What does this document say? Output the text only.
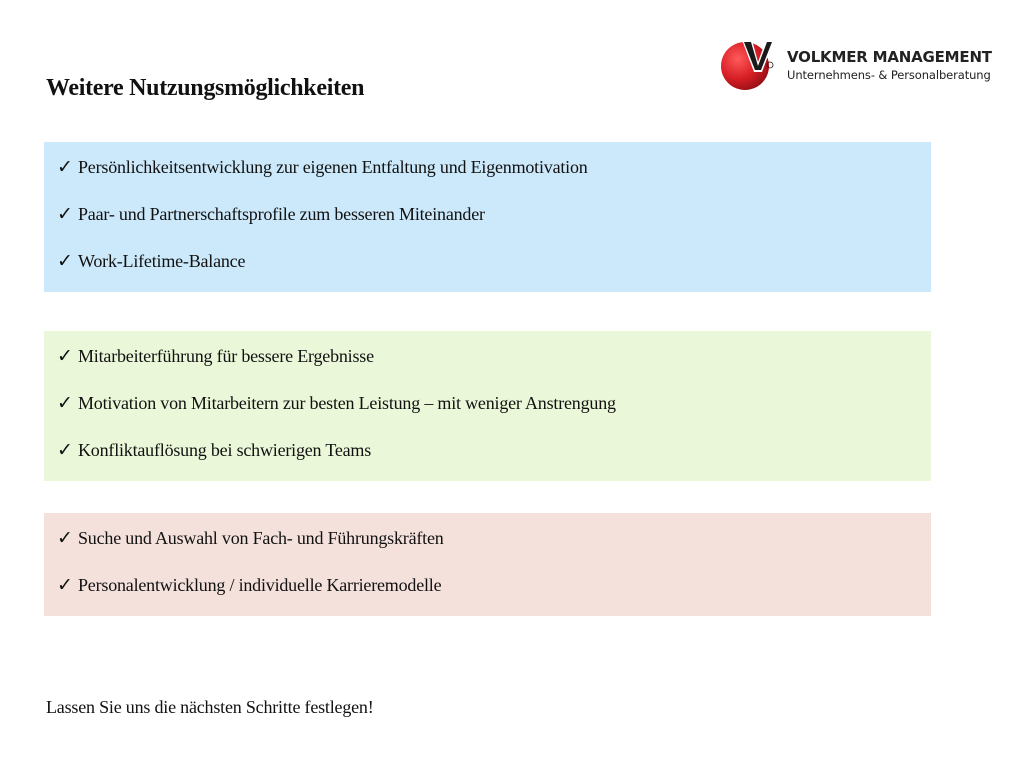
Weitere Nutzungsmöglichkeiten
VOLKMER MANAGEMENT
Unternehmens- & Personalberatung
✓ Persönlichkeitsentwicklung zur eigenen Entfaltung und Eigenmotivation
✓ Paar- und Partnerschaftsprofile zum besseren Miteinander
✓ Work-Lifetime-Balance
✓ Mitarbeiterführung für bessere Ergebnisse
✓ Motivation von Mitarbeitern zur besten Leistung – mit weniger Anstrengung
✓ Konfliktauflösung bei schwierigen Teams
✓ Suche und Auswahl von Fach- und Führungskräften
✓ Personalentwicklung / individuelle Karrieremodelle

Lassen Sie uns die nächsten Schritte festlegen!
